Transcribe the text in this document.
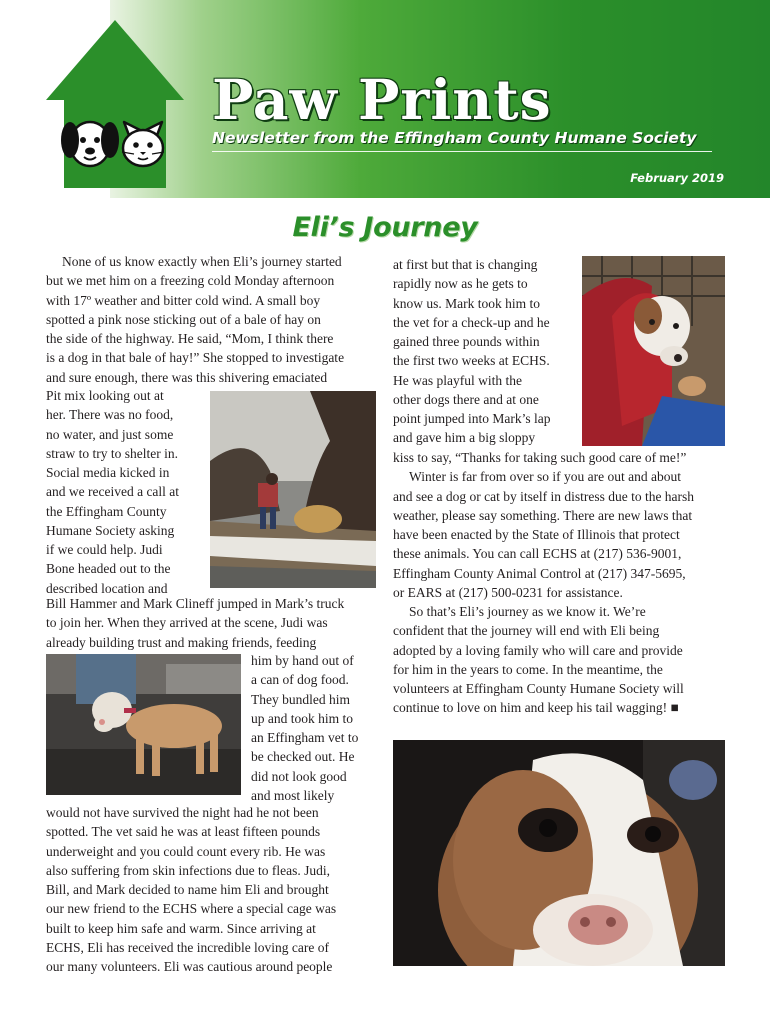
Paw Prints
Newsletter from the Effingham County Humane Society
February 2019
Eli’s Journey
None of us know exactly when Eli’s journey started
but we met him on a freezing cold Monday afternoon
with 17º weather and bitter cold wind. A small boy
spotted a pink nose sticking out of a bale of hay on
the side of the highway. He said, “Mom, I think there
is a dog in that bale of hay!” She stopped to investigate
and sure enough, there was this shivering emaciated
Pit mix looking out at
her. There was no food,
no water, and just some
straw to try to shelter in.
Social media kicked in
and we received a call at
the Effingham County
Humane Society asking
if we could help. Judi
Bone headed out to the
described location and
Bill Hammer and Mark Clineff jumped in Mark’s truck
to join her. When they arrived at the scene, Judi was
already building trust and making friends, feeding
him by hand out of
a can of dog food.
They bundled him
up and took him to
an Effingham vet to
be checked out. He
did not look good
and most likely
would not have survived the night had he not been
spotted. The vet said he was at least fifteen pounds
underweight and you could count every rib. He was
also suffering from skin infections due to fleas. Judi,
Bill, and Mark decided to name him Eli and brought
our new friend to the ECHS where a special cage was
built to keep him safe and warm. Since arriving at
ECHS, Eli has received the incredible loving care of
our many volunteers. Eli was cautious around people
at first but that is changing
rapidly now as he gets to
know us. Mark took him to
the vet for a check-up and he
gained three pounds within
the first two weeks at ECHS.
He was playful with the
other dogs there and at one
point jumped into Mark’s lap
and gave him a big sloppy
kiss to say, “Thanks for taking such good care of me!”
Winter is far from over so if you are out and about
and see a dog or cat by itself in distress due to the harsh
weather, please say something. There are new laws that
have been enacted by the State of Illinois that protect
these animals. You can call ECHS at (217) 536-9001,
Effingham County Animal Control at (217) 347-5695,
or EARS at (217) 500-0231 for assistance.
So that’s Eli’s journey as we know it. We’re
confident that the journey will end with Eli being
adopted by a loving family who will care and provide
for him in the years to come. In the meantime, the
volunteers at Effingham County Humane Society will
continue to love on him and keep his tail wagging! ■
